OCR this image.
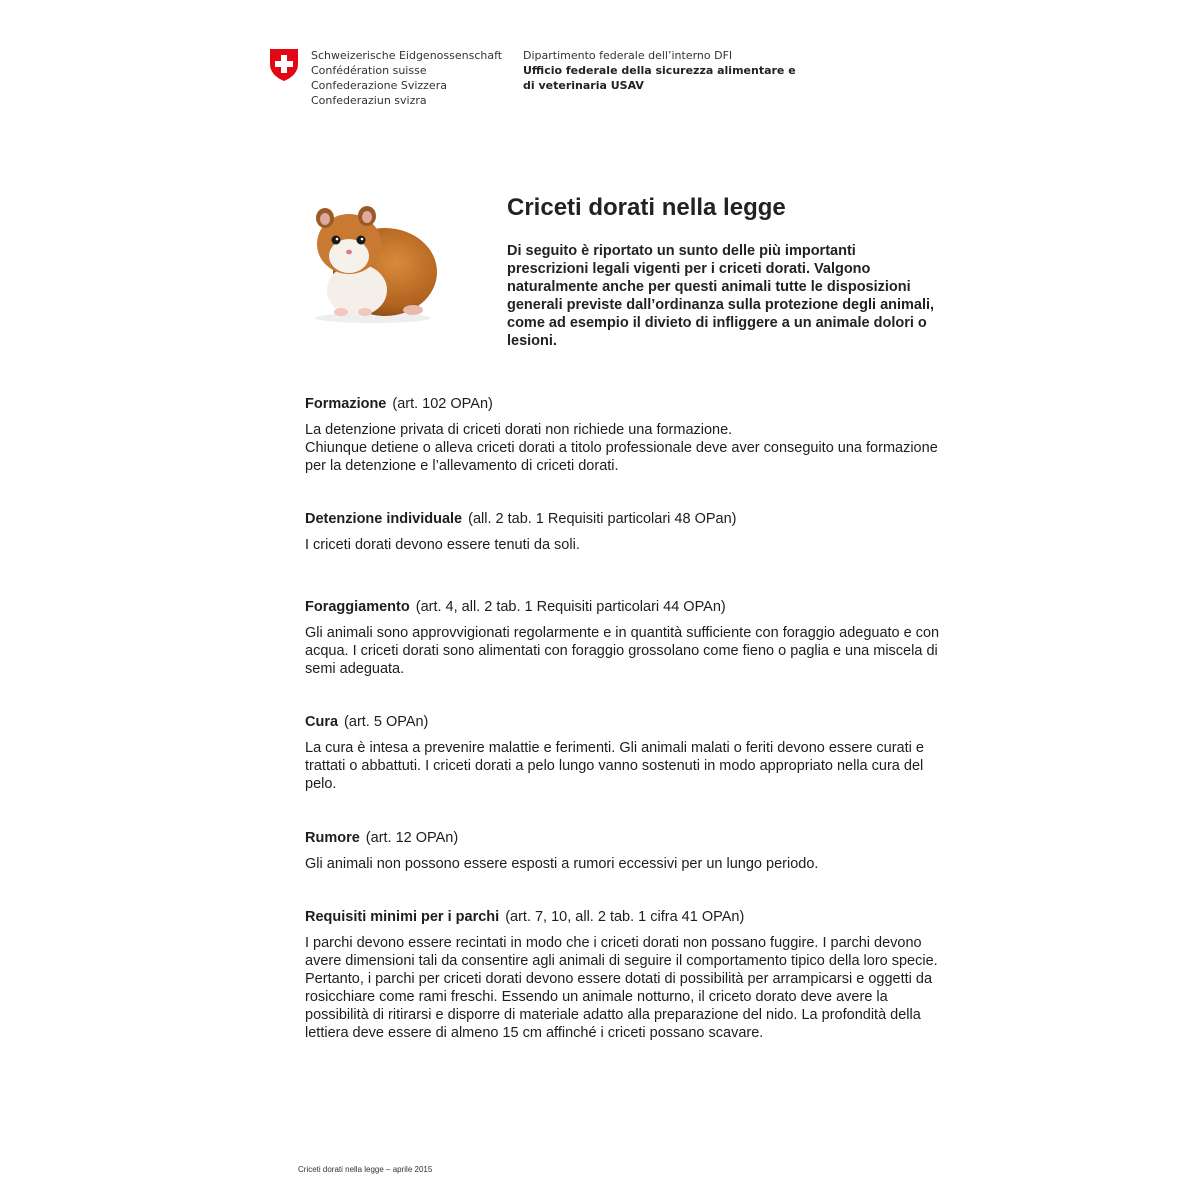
Schweizerische Eidgenossenschaft
Confédération suisse
Confederazione Svizzera
Confederaziun svizra
Dipartimento federale dell’interno DFI
Ufficio federale della sicurezza alimentare e
di veterinaria USAV
Criceti dorati nella legge

Di seguito è riportato un sunto delle più importanti prescrizioni legali vigenti per i criceti dorati. Valgono naturalmente anche per questi animali tutte le disposizioni generali previste dall’ordinanza sulla protezione degli animali, come ad esempio il divieto di infliggere a un animale dolori o lesioni.

Formazione (art. 102 OPAn)

La detenzione privata di criceti dorati non richiede una formazione.
Chiunque detiene o alleva criceti dorati a titolo professionale deve aver conseguito una formazione per la detenzione e l’allevamento di criceti dorati.

Detenzione individuale (all. 2 tab. 1 Requisiti particolari 48 OPan)

I criceti dorati devono essere tenuti da soli.

Foraggiamento (art. 4, all. 2 tab. 1 Requisiti particolari 44 OPAn)

Gli animali sono approvvigionati regolarmente e in quantità sufficiente con foraggio adeguato e con acqua. I criceti dorati sono alimentati con foraggio grossolano come fieno o paglia e una miscela di semi adeguata.

Cura (art. 5 OPAn)

La cura è intesa a prevenire malattie e ferimenti. Gli animali malati o feriti devono essere curati e trattati o abbattuti. I criceti dorati a pelo lungo vanno sostenuti in modo appropriato nella cura del pelo.

Rumore (art. 12 OPAn)

Gli animali non possono essere esposti a rumori eccessivi per un lungo periodo.

Requisiti minimi per i parchi (art. 7, 10, all. 2 tab. 1 cifra 41 OPAn)

I parchi devono essere recintati in modo che i criceti dorati non possano fuggire. I parchi devono avere dimensioni tali da consentire agli animali di seguire il comportamento tipico della loro specie. Pertanto, i parchi per criceti dorati devono essere dotati di possibilità per arrampicarsi e oggetti da rosicchiare come rami freschi. Essendo un animale notturno, il criceto dorato deve avere la possibilità di ritirarsi e disporre di materiale adatto alla preparazione del nido. La profondità della lettiera deve essere di almeno 15 cm affinché i criceti possano scavare.

Criceti dorati nella legge – aprile 2015
